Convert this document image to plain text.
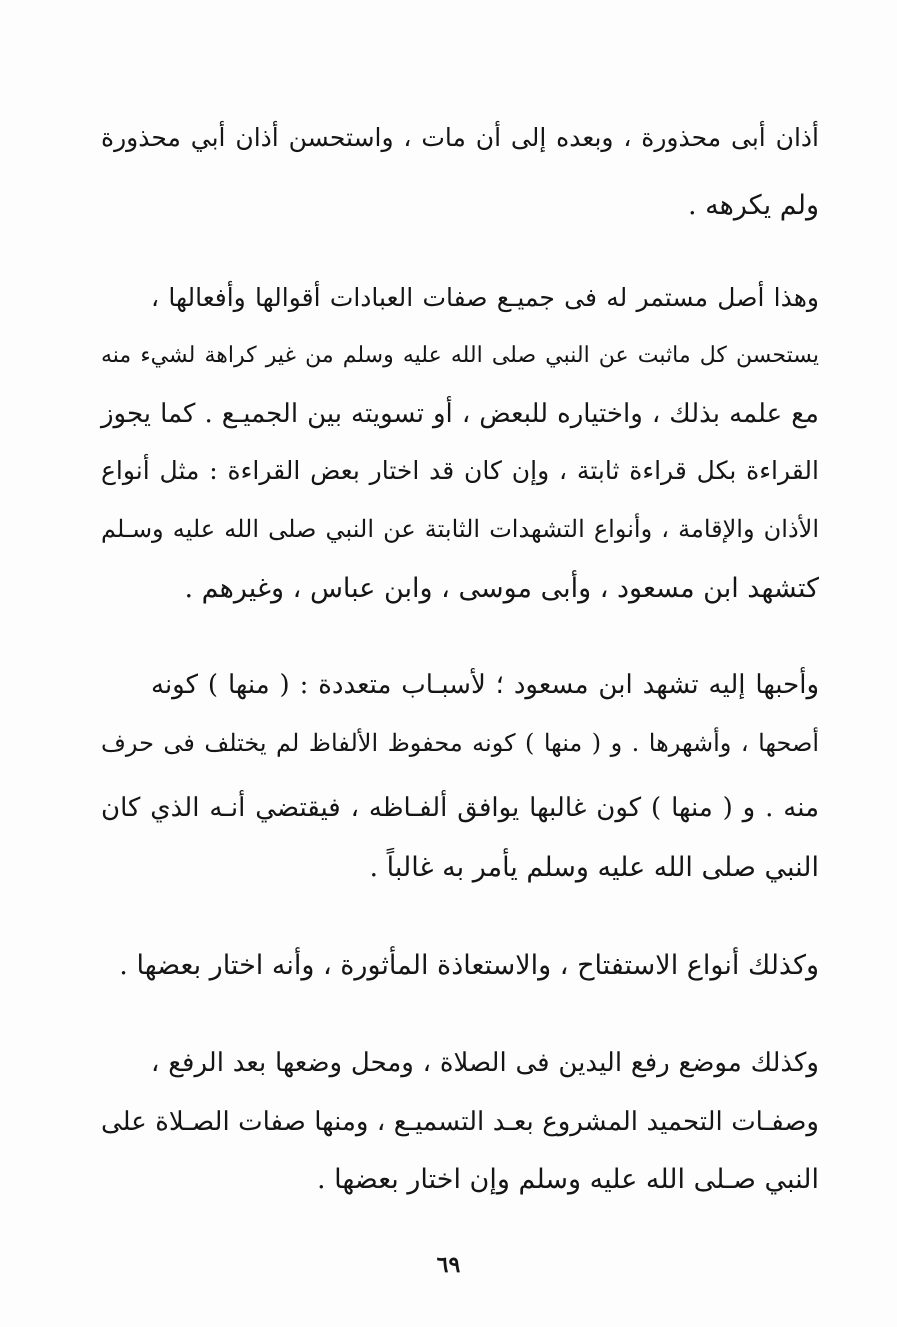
أذان أبى محذورة ، وبعده إلى أن مات ، واستحسن أذان أبي محذورة
ولم يكرهه .
وهذا أصل مستمر له فى جميـع صفات العبادات أقوالها وأفعالها ،
يستحسن كل ماثبت عن النبي صلى الله عليه وسلم من غير كراهة لشيء منه
مع علمه بذلك ، واختياره للبعض ، أو تسويته بين الجميـع . كما يجوز
القراءة بكل قراءة ثابتة ، وإن كان قد اختار بعض القراءة : مثل أنواع
الأذان والإقامة ، وأنواع التشهدات الثابتة عن النبي صلى الله عليه وسـلم
كتشهد ابن مسعود ، وأبى موسى ، وابن عباس ، وغيرهم .
وأحبها إليه تشهد ابن مسعود ؛ لأسبـاب متعددة : ( منها ) كونه
أصحها ، وأشهرها . و ( منها ) كونه محفوظ الألفاظ لم يختلف فى حرف
منه . و ( منها ) كون غالبها يوافق ألفـاظه ، فيقتضي أنـه الذي كان
النبي صلى الله عليه وسلم يأمر به غالباً .
وكذلك أنواع الاستفتاح ، والاستعاذة المأثورة ، وأنه اختار بعضها .
وكذلك موضع رفع اليدين فى الصلاة ، ومحل وضعها بعد الرفع ،
وصفـات التحميد المشروع بعـد التسميـع ، ومنها صفات الصـلاة على
النبي صـلى الله عليه وسلم وإن اختار بعضها .
٦٩
